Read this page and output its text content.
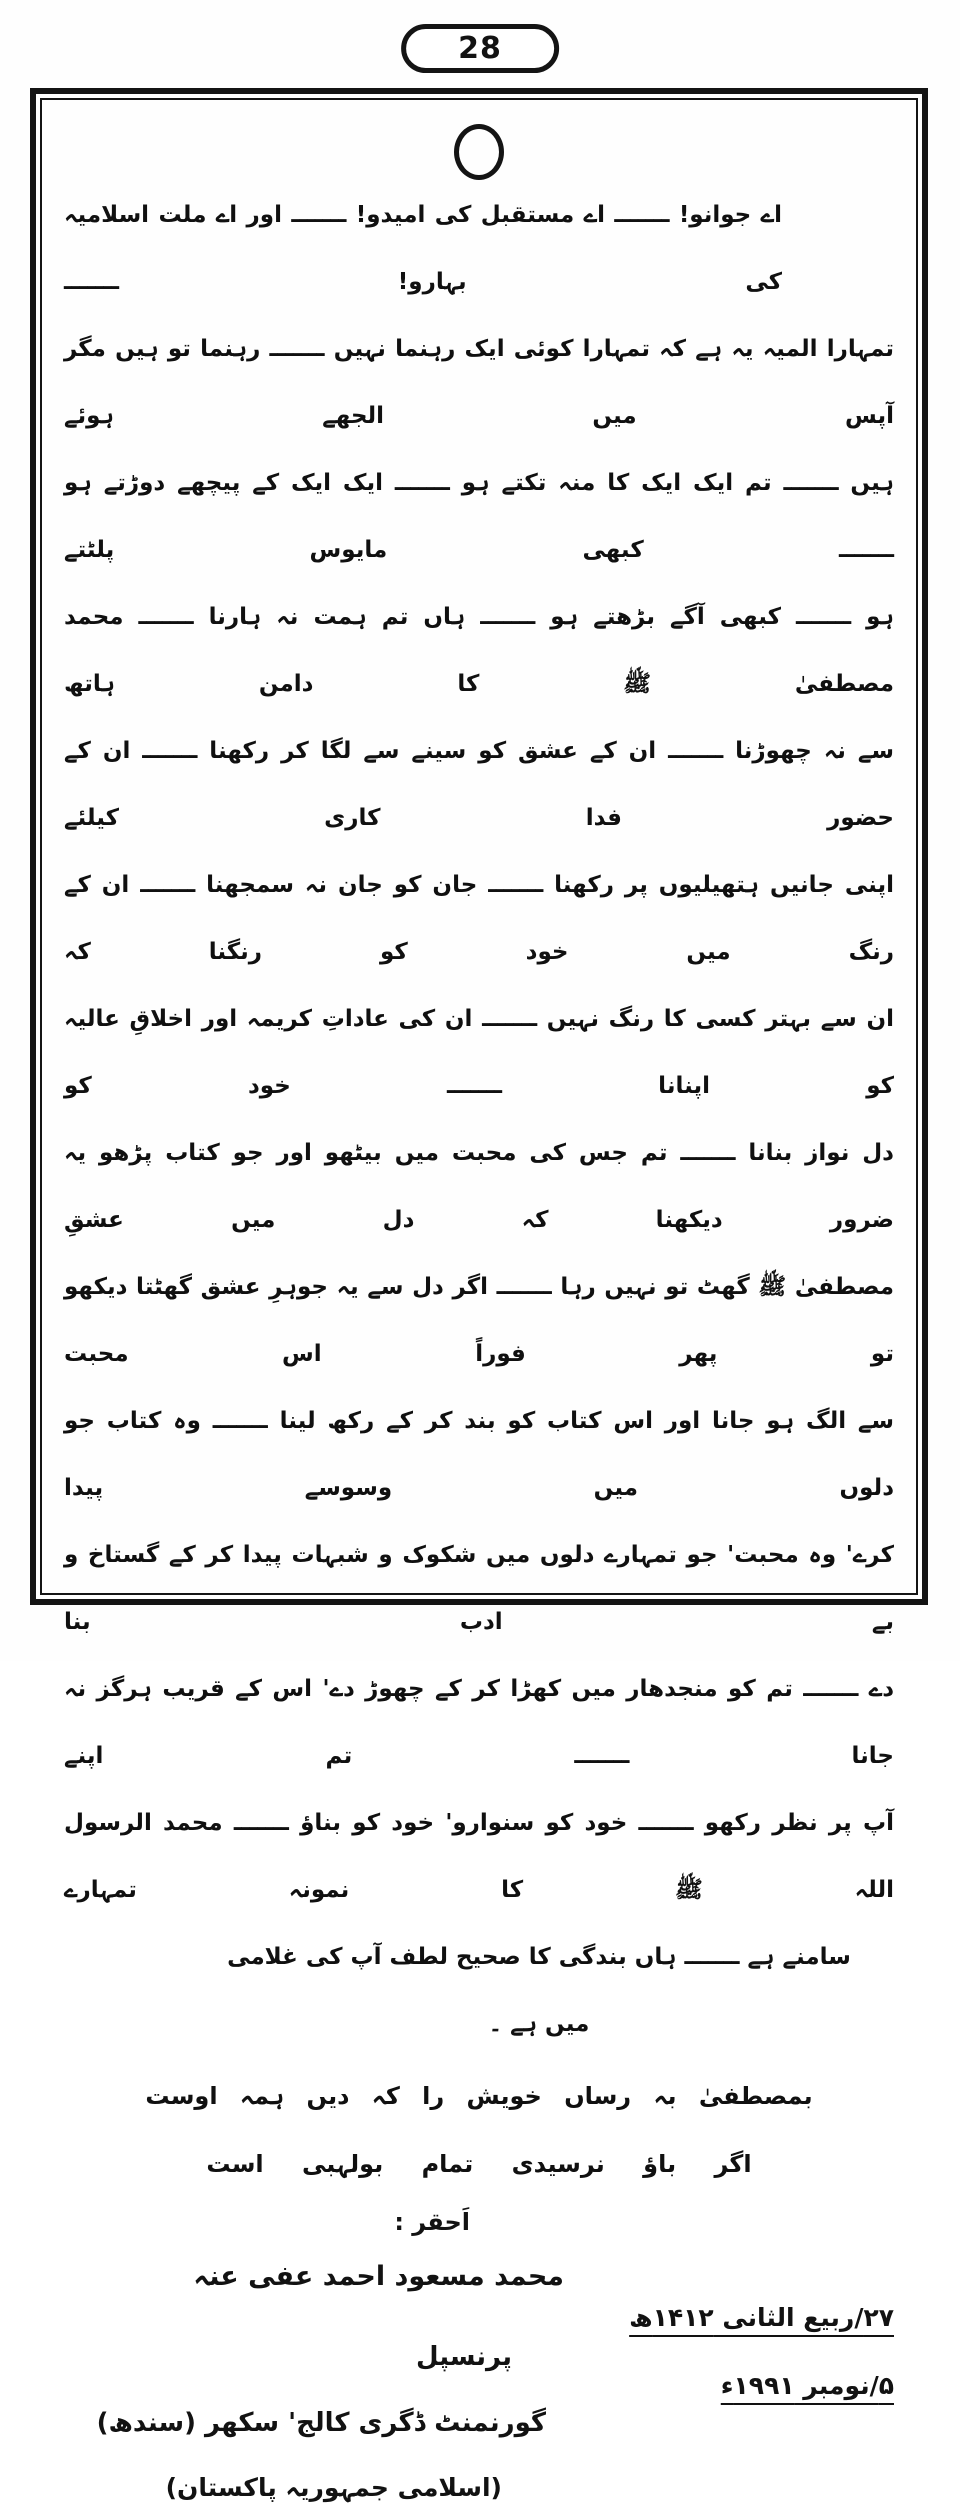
28
اے جوانو! ـــــــ اے مستقبل کی امیدو! ـــــــ اور اے ملت اسلامیہ کی بہارو! ـــــــ
تمہارا المیہ یہ ہے کہ تمہارا کوئی ایک رہنما نہیں ـــــــ رہنما تو ہیں مگر آپس میں الجھے ہوئے
ہیں ـــــــ تم ایک ایک کا منہ تکتے ہو ـــــــ ایک ایک کے پیچھے دوڑتے ہو ـــــــ کبھی مایوس پلٹتے
ہو ـــــــ کبھی آگے بڑھتے ہو ـــــــ ہاں تم ہمت نہ ہارنا ـــــــ محمد مصطفیٰ ﷺ کا دامن ہاتھ
سے نہ چھوڑنا ـــــــ ان کے عشق کو سینے سے لگا کر رکھنا ـــــــ ان کے حضور فدا کاری کیلئے
اپنی جانیں ہتھیلیوں پر رکھنا ـــــــ جان کو جان نہ سمجھنا ـــــــ ان کے رنگ میں خود کو رنگنا کہ
ان سے بہتر کسی کا رنگ نہیں ـــــــ ان کی عاداتِ کریمہ اور اخلاقِ عالیہ کو اپنانا ـــــــ خود کو
دل نواز بنانا ـــــــ تم جس کی محبت میں بیٹھو اور جو کتاب پڑھو یہ ضرور دیکھنا کہ دل میں عشقِ
مصطفیٰ ﷺ گھٹ تو نہیں رہا ـــــــ اگر دل سے یہ جوہرِ عشق گھٹتا دیکھو تو پھر فوراً اس محبت
سے الگ ہو جانا اور اس کتاب کو بند کر کے رکھ لینا ـــــــ وہ کتاب جو دلوں میں وسوسے پیدا
کرے' وہ محبت' جو تمہارے دلوں میں شکوک و شبہات پیدا کر کے گستاخ و بے ادب بنا
دے ـــــــ تم کو منجدھار میں کھڑا کر کے چھوڑ دے' اس کے قریب ہرگز نہ جانا ـــــــ تم اپنے
آپ پر نظر رکھو ـــــــ خود کو سنوارو' خود کو بناؤ ـــــــ محمد الرسول اللہ ﷺ کا نمونہ تمہارے
سامنے ہے ـــــــ ہاں بندگی کا صحیح لطف آپ کی غلامی میں ہے ۔
بمصطفیٰ بہ رساں خویش را کہ دیں ہمہ اوست
اگر باؤ نرسیدی تمام بولہبی است
اَحقر :
۲۷/ربیع الثانی ۱۴۱۲ھ
۵/نومبر ۱۹۹۱ء
محمد مسعود احمد عفی عنہ
پرنسپل
گورنمنٹ ڈگری کالج' سکھر (سندھ)
(اسلامی جمہوریہ پاکستان)
